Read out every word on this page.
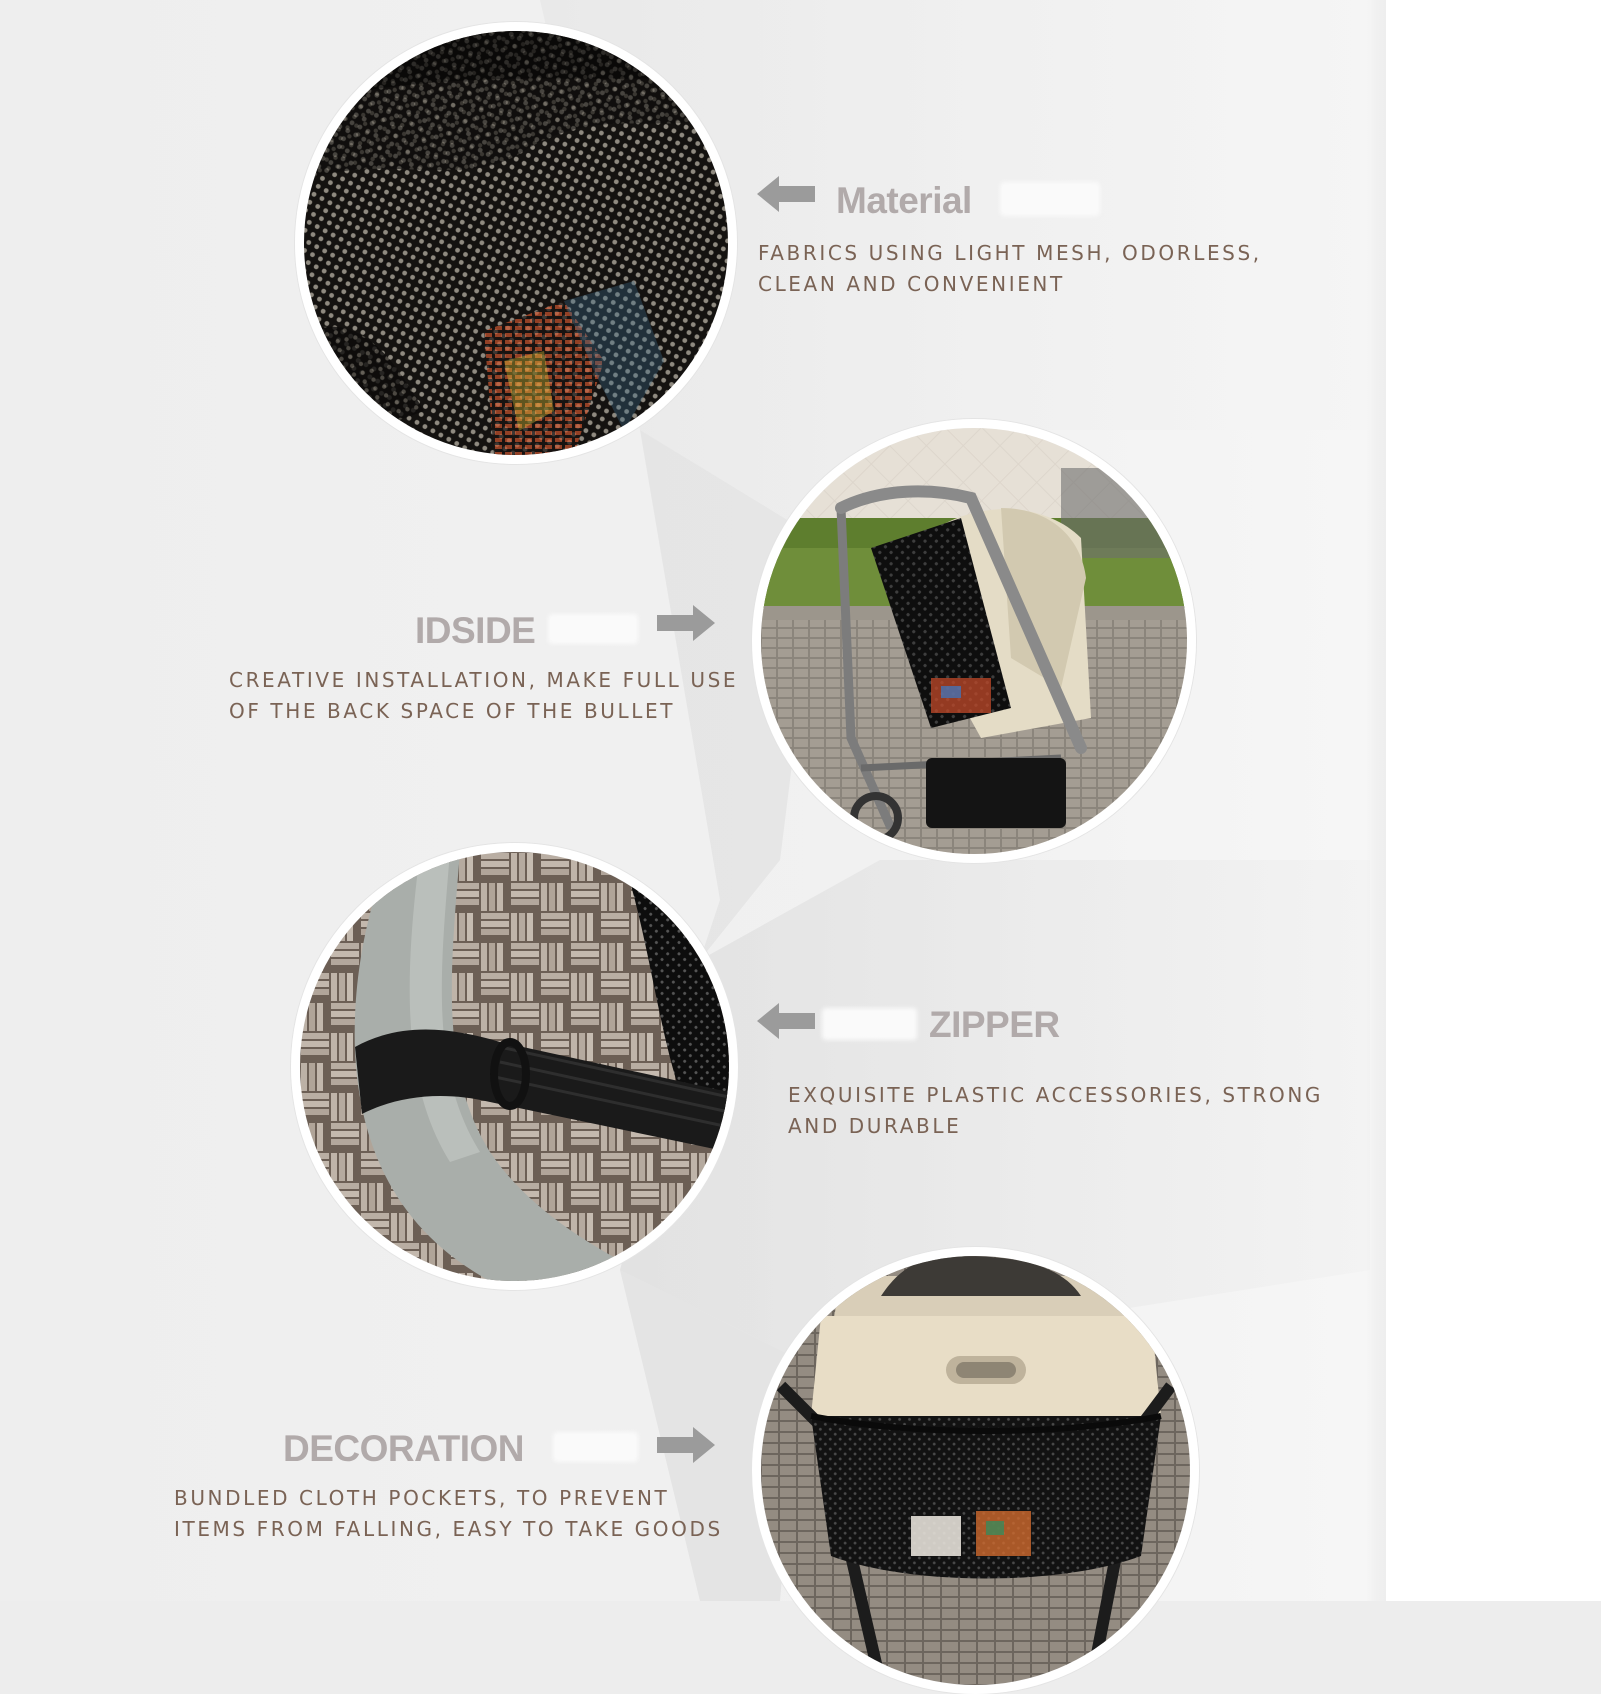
Material
FABRICS USING LIGHT MESH, ODORLESS,
CLEAN AND CONVENIENT
IDSIDE
CREATIVE INSTALLATION, MAKE FULL USE
OF THE BACK SPACE OF THE BULLET
ZIPPER
EXQUISITE PLASTIC ACCESSORIES, STRONG
AND DURABLE
DECORATION
BUNDLED CLOTH POCKETS, TO PREVENT
ITEMS FROM FALLING, EASY TO TAKE GOODS
